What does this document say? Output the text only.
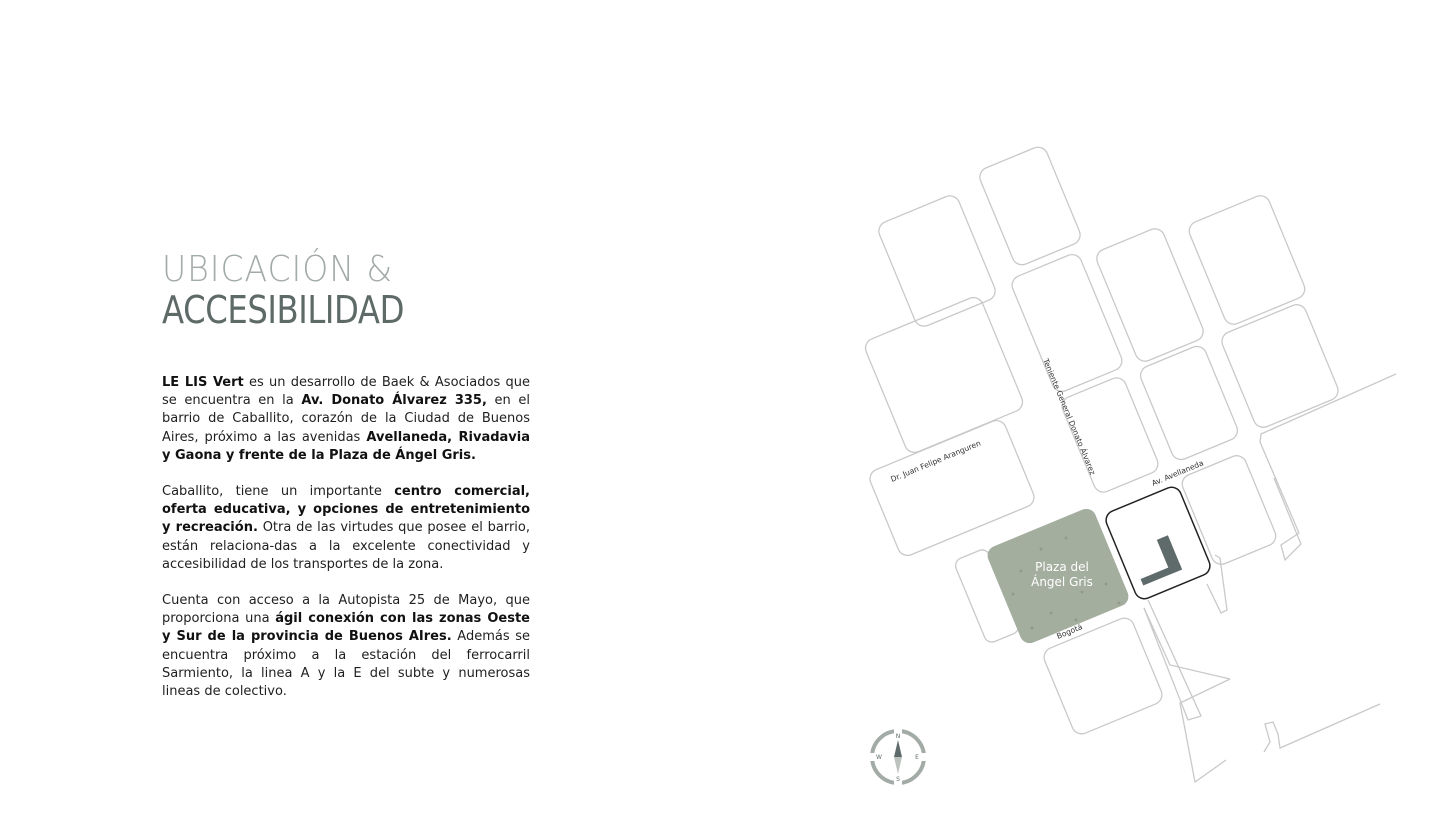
UBICACIÓN &
ACCESIBILIDAD

LE LIS Vert es un desarrollo de Baek & Asociados que se encuentra en la Av. Donato Álvarez 335, en el barrio de Caballito, corazón de la Ciudad de Buenos Aires, próximo a las avenidas Avellaneda, Rivadavia y Gaona y frente de la Plaza de Ángel Gris.

Caballito, tiene un importante centro comercial, oferta educativa, y opciones de entretenimiento y recreación. Otra de las virtudes que posee el barrio, están relaciona-das a la excelente conectividad y accesibilidad de los transportes de la zona.

Cuenta con acceso a la Autopista 25 de Mayo, que proporciona una ágil conexión con las zonas Oeste y Sur de la provincia de Buenos AIres. Además se encuentra próximo a la estación del ferrocarril Sarmiento, la linea A y la E del subte y numerosas lineas de colectivo.

Plaza del
Ángel Gris
Dr. Juan Felipe Aranguren	Teniente General Donato Álvarez	Av. Avellaneda
Bogotá
N
S
E
W
